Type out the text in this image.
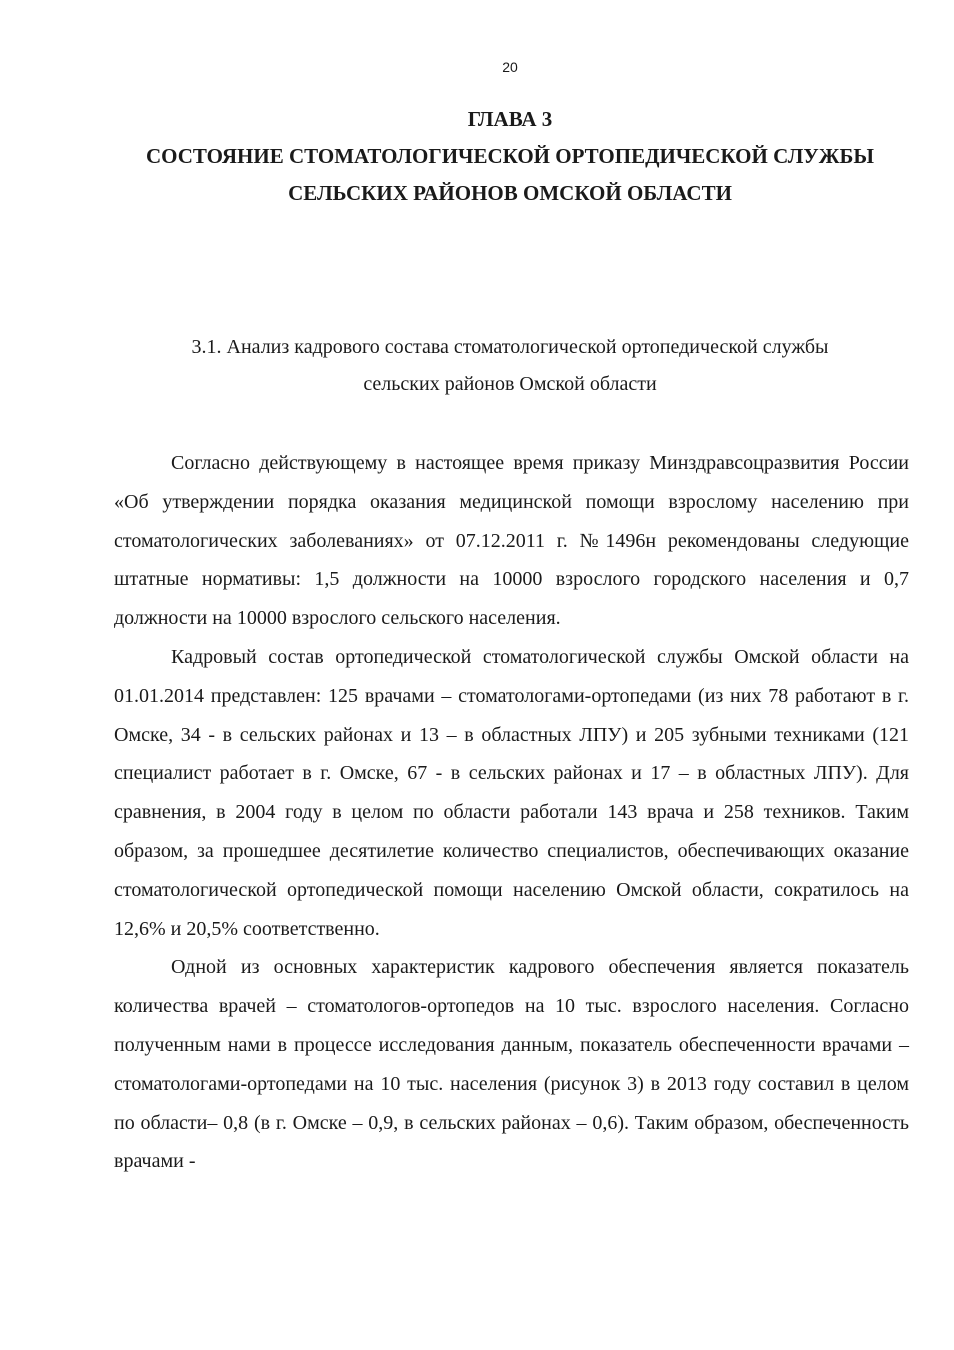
20
ГЛАВА 3
СОСТОЯНИЕ СТОМАТОЛОГИЧЕСКОЙ ОРТОПЕДИЧЕСКОЙ СЛУЖБЫ
СЕЛЬСКИХ РАЙОНОВ ОМСКОЙ ОБЛАСТИ
3.1. Анализ кадрового состава стоматологической ортопедической службы
сельских районов Омской области

Согласно действующему в настоящее время приказу Минздравсоцразвития России «Об утверждении порядка оказания медицинской помощи взрослому населению при стоматологических заболеваниях» от 07.12.2011 г. №1496н рекомендованы следующие штатные нормативы: 1,5 должности на 10000 взрослого городского населения и 0,7 должности на 10000 взрослого сельского населения.

Кадровый состав ортопедической стоматологической службы Омской области на 01.01.2014 представлен: 125 врачами – стоматологами-ортопедами (из них 78 работают в г. Омске, 34 - в сельских районах и 13 – в областных ЛПУ) и 205 зубными техниками (121 специалист работает в г. Омске, 67 - в сельских районах и 17 – в областных ЛПУ). Для сравнения, в 2004 году в целом по области работали 143 врача и 258 техников. Таким образом, за прошедшее десятилетие количество специалистов, обеспечивающих оказание стоматологической ортопедической помощи населению Омской области, сократилось на 12,6% и 20,5% соответственно.

Одной из основных характеристик кадрового обеспечения является показатель количества врачей – стоматологов-ортопедов на 10 тыс. взрослого населения. Согласно полученным нами в процессе исследования данным, показатель обеспеченности врачами – стоматологами-ортопедами на 10 тыс. населения (рисунок 3) в 2013 году составил в целом по области– 0,8 (в г. Омске – 0,9, в сельских районах – 0,6). Таким образом, обеспеченность врачами -
